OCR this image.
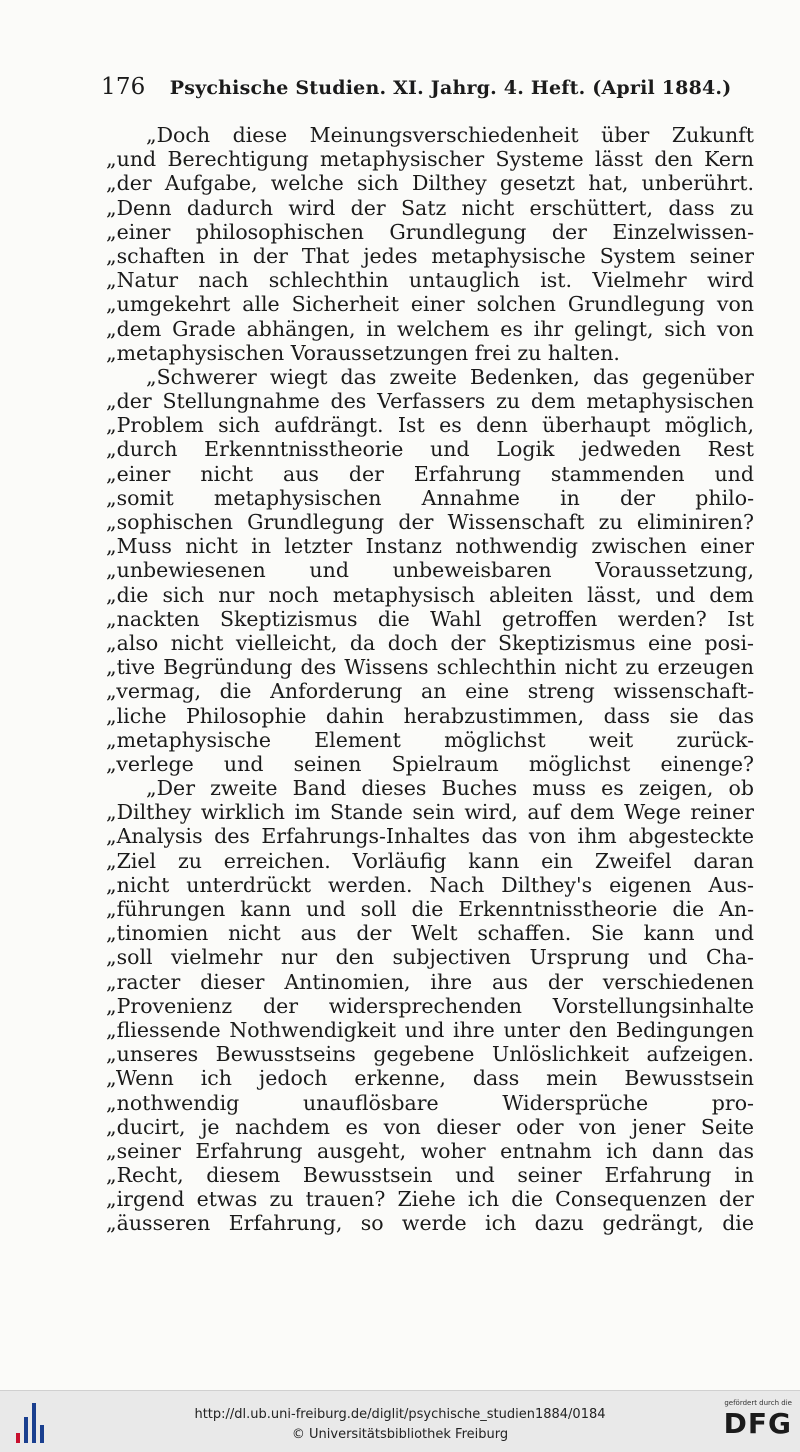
176 Psychische Studien. XI. Jahrg. 4. Heft. (April 1884.)
„Doch diese Meinungsverschiedenheit über Zukunft
„und Berechtigung metaphysischer Systeme lässt den Kern
„der Aufgabe, welche sich Dilthey gesetzt hat, unberührt.
„Denn dadurch wird der Satz nicht erschüttert, dass zu
„einer philosophischen Grundlegung der Einzelwissen-
„schaften in der That jedes metaphysische System seiner
„Natur nach schlechthin untauglich ist. Vielmehr wird
„umgekehrt alle Sicherheit einer solchen Grundlegung von
„dem Grade abhängen, in welchem es ihr gelingt, sich von
„metaphysischen Voraussetzungen frei zu halten.
„Schwerer wiegt das zweite Bedenken, das gegenüber
„der Stellungnahme des Verfassers zu dem metaphysischen
„Problem sich aufdrängt. Ist es denn überhaupt möglich,
„durch Erkenntnisstheorie und Logik jedweden Rest
„einer nicht aus der Erfahrung stammenden und
„somit metaphysischen Annahme in der philo-
„sophischen Grundlegung der Wissenschaft zu eliminiren?
„Muss nicht in letzter Instanz nothwendig zwischen einer
„unbewiesenen und unbeweisbaren Voraussetzung,
„die sich nur noch metaphysisch ableiten lässt, und dem
„nackten Skeptizismus die Wahl getroffen werden? Ist
„also nicht vielleicht, da doch der Skeptizismus eine posi-
„tive Begründung des Wissens schlechthin nicht zu erzeugen
„vermag, die Anforderung an eine streng wissenschaft-
„liche Philosophie dahin herabzustimmen, dass sie das
„metaphysische Element möglichst weit zurück-
„verlege und seinen Spielraum möglichst einenge?
„Der zweite Band dieses Buches muss es zeigen, ob
„Dilthey wirklich im Stande sein wird, auf dem Wege reiner
„Analysis des Erfahrungs-Inhaltes das von ihm abgesteckte
„Ziel zu erreichen. Vorläufig kann ein Zweifel daran
„nicht unterdrückt werden. Nach Dilthey's eigenen Aus-
„führungen kann und soll die Erkenntnisstheorie die An-
„tinomien nicht aus der Welt schaffen. Sie kann und
„soll vielmehr nur den subjectiven Ursprung und Cha-
„racter dieser Antinomien, ihre aus der verschiedenen
„Provenienz der widersprechenden Vorstellungsinhalte
„fliessende Nothwendigkeit und ihre unter den Bedingungen
„unseres Bewusstseins gegebene Unlöslichkeit aufzeigen.
„Wenn ich jedoch erkenne, dass mein Bewusstsein
„nothwendig unauflösbare Widersprüche pro-
„ducirt, je nachdem es von dieser oder von jener Seite
„seiner Erfahrung ausgeht, woher entnahm ich dann das
„Recht, diesem Bewusstsein und seiner Erfahrung in
„irgend etwas zu trauen? Ziehe ich die Consequenzen der
„äusseren Erfahrung, so werde ich dazu gedrängt, die
http://dl.ub.uni-freiburg.de/diglit/psychische_studien1884/0184
© Universitätsbibliothek Freiburg
gefördert durch die
DFG
